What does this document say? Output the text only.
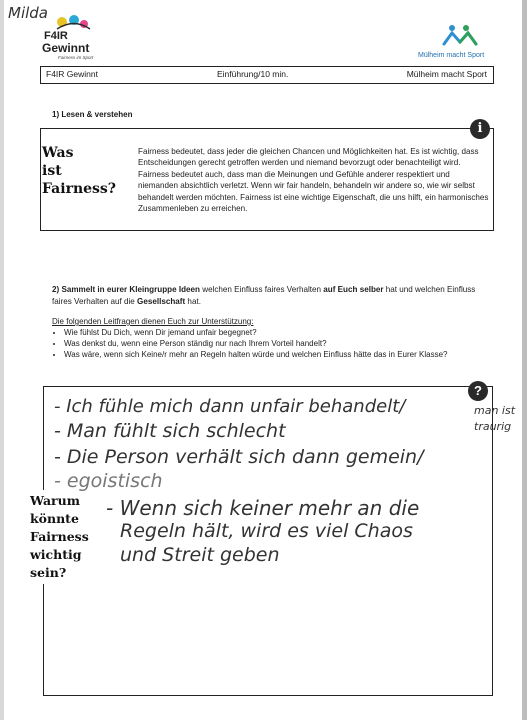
Milda
F4IR
Gewinnt
Fairness im Sport	Mülheim macht Sport
F4IR Gewinnt	Einführung/10 min.	Mülheim macht Sport
1) Lesen & verstehen
i
Was
ist
Fairness?
Fairness bedeutet, dass jeder die gleichen Chancen und Möglichkeiten hat. Es ist wichtig, dass Entscheidungen gerecht getroffen werden und niemand bevorzugt oder benachteiligt wird. Fairness bedeutet auch, dass man die Meinungen und Gefühle anderer respektiert und niemanden absichtlich verletzt. Wenn wir fair handeln, behandeln wir andere so, wie wir selbst behandelt werden möchten. Fairness ist eine wichtige Eigenschaft, die uns hilft, ein harmonisches Zusammenleben zu erreichen.
2) Sammelt in eurer Kleingruppe Ideen welchen Einfluss faires Verhalten auf Euch selber hat und welchen Einfluss faires Verhalten auf die Gesellschaft hat.
Die folgenden Leitfragen dienen Euch zur Unterstützung:
• Wie fühlst Du Dich, wenn Dir jemand unfair begegnet?
• Was denkst du, wenn eine Person ständig nur nach Ihrem Vorteil handelt?
• Was wäre, wenn sich Keine/r mehr an Regeln halten würde und welchen Einfluss hätte das in Eurer Klasse?
?
Warum
könnte
Fairness
wichtig
sein?
- Ich fühle mich dann unfair behandelt/	man ist
traurig
- Man fühlt sich schlecht
- Die Person verhält sich dann gemein/
- egoistisch
- Wenn sich keiner mehr an die
Regeln hält, wird es viel Chaos
und Streit geben
